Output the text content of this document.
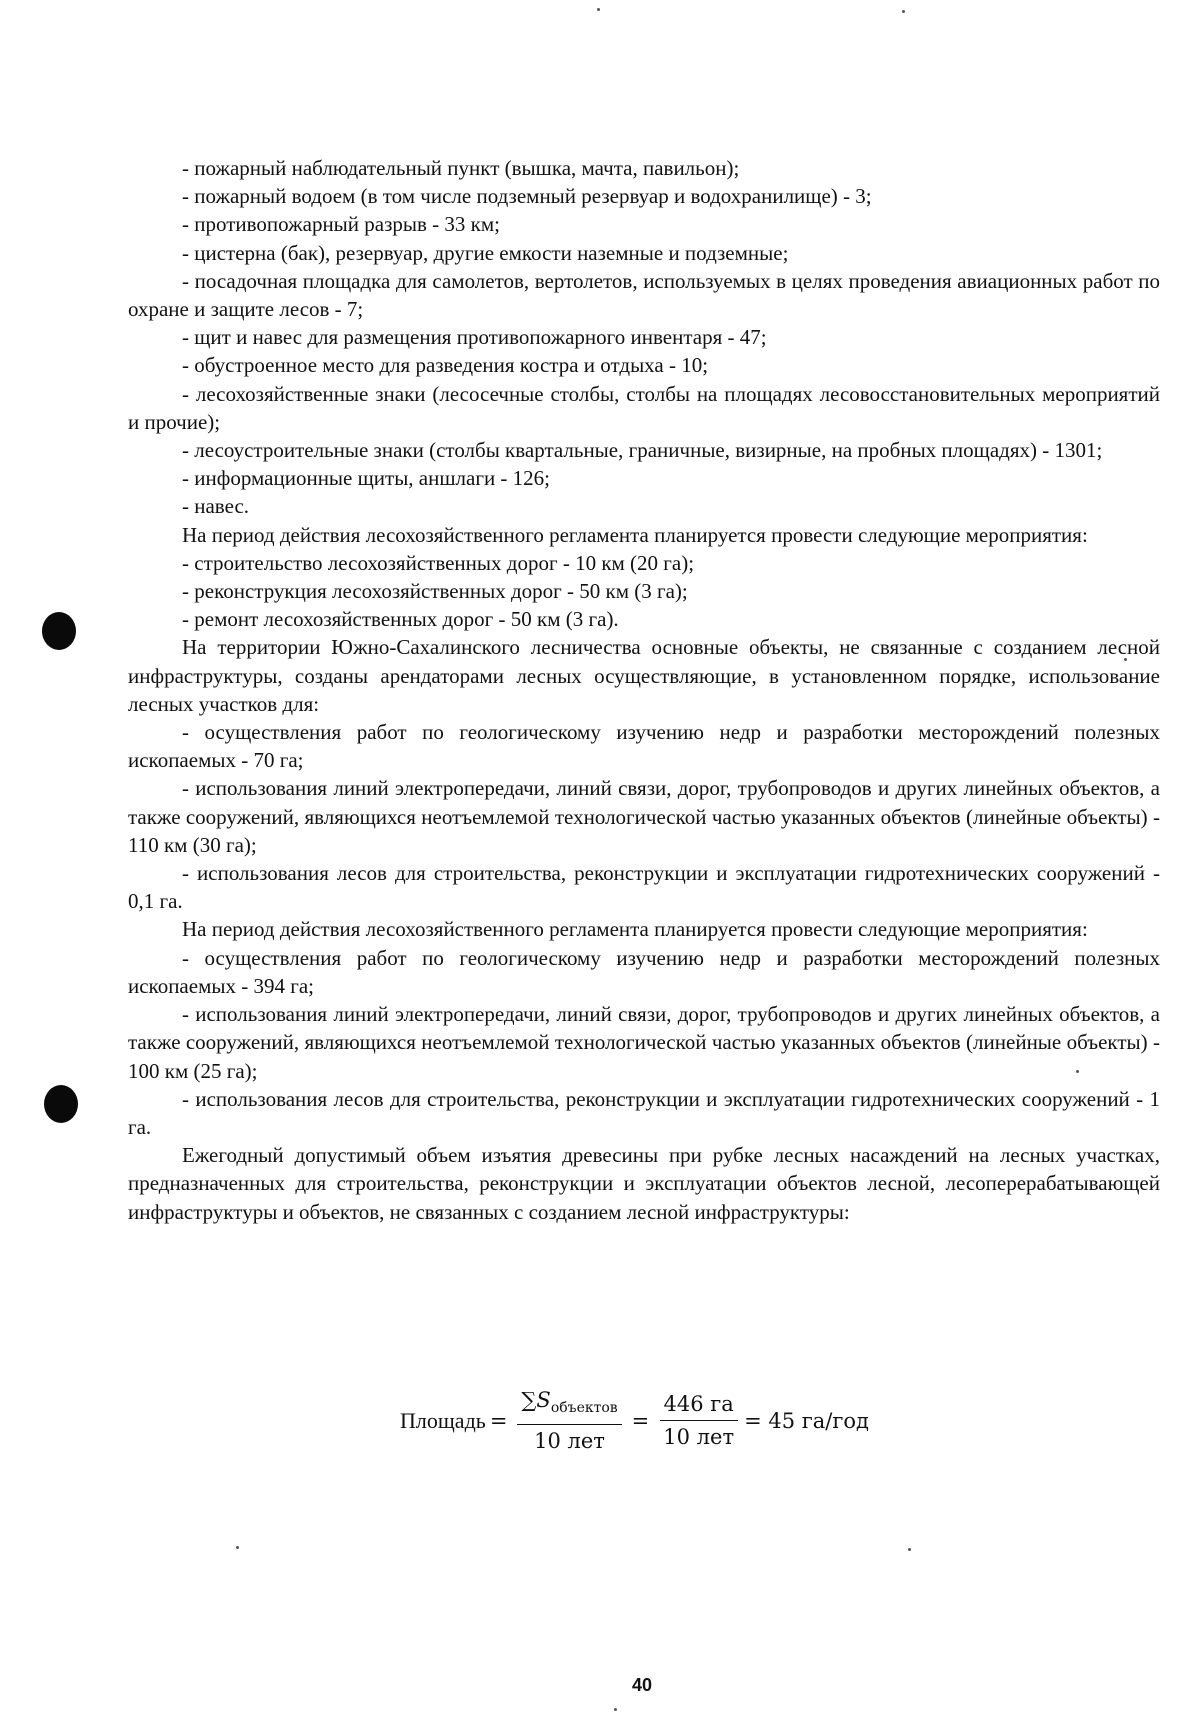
- пожарный наблюдательный пункт (вышка, мачта, павильон);

- пожарный водоем (в том числе подземный резервуар и водохранилище) - 3;

- противопожарный разрыв - 33 км;

- цистерна (бак), резервуар, другие емкости наземные и подземные;

- посадочная площадка для самолетов, вертолетов, используемых в целях проведения авиационных работ по охране и защите лесов - 7;

- щит и навес для размещения противопожарного инвентаря - 47;

- обустроенное место для разведения костра и отдыха - 10;

- лесохозяйственные знаки (лесосечные столбы, столбы на площадях лесовосстановительных мероприятий и прочие);

- лесоустроительные знаки (столбы квартальные, граничные, визирные, на пробных площадях) - 1301;

- информационные щиты, аншлаги - 126;

- навес.

На период действия лесохозяйственного регламента планируется провести следующие мероприятия:

- строительство лесохозяйственных дорог - 10 км (20 га);

- реконструкция лесохозяйственных дорог - 50 км (3 га);

- ремонт лесохозяйственных дорог - 50 км (3 га).

На территории Южно-Сахалинского лесничества основные объекты, не связанные с созданием лесной инфраструктуры, созданы арендаторами лесных осуществляющие, в установленном порядке, использование лесных участков для:

- осуществления работ по геологическому изучению недр и разработки месторождений полезных ископаемых - 70 га;

- использования линий электропередачи, линий связи, дорог, трубопроводов и других линейных объектов, а также сооружений, являющихся неотъемлемой технологической частью указанных объектов (линейные объекты) - 110 км (30 га);

- использования лесов для строительства, реконструкции и эксплуатации гидротехнических сооружений - 0,1 га.

На период действия лесохозяйственного регламента планируется провести следующие мероприятия:

- осуществления работ по геологическому изучению недр и разработки месторождений полезных ископаемых - 394 га;

- использования линий электропередачи, линий связи, дорог, трубопроводов и других линейных объектов, а также сооружений, являющихся неотъемлемой технологической частью указанных объектов (линейные объекты) - 100 км (25 га);

- использования лесов для строительства, реконструкции и эксплуатации гидротехнических сооружений - 1 га.

Ежегодный допустимый объем изъятия древесины при рубке лесных насаждений на лесных участках, предназначенных для строительства, реконструкции и эксплуатации объектов лесной, лесоперерабатывающей инфраструктуры и объектов, не связанных с созданием лесной инфраструктуры:

Площадь = $\frac{\sum S_{объектов}}{\text{10 лет}} = \frac{446 га}{\text{10 лет}} = 45$ га/год
40
